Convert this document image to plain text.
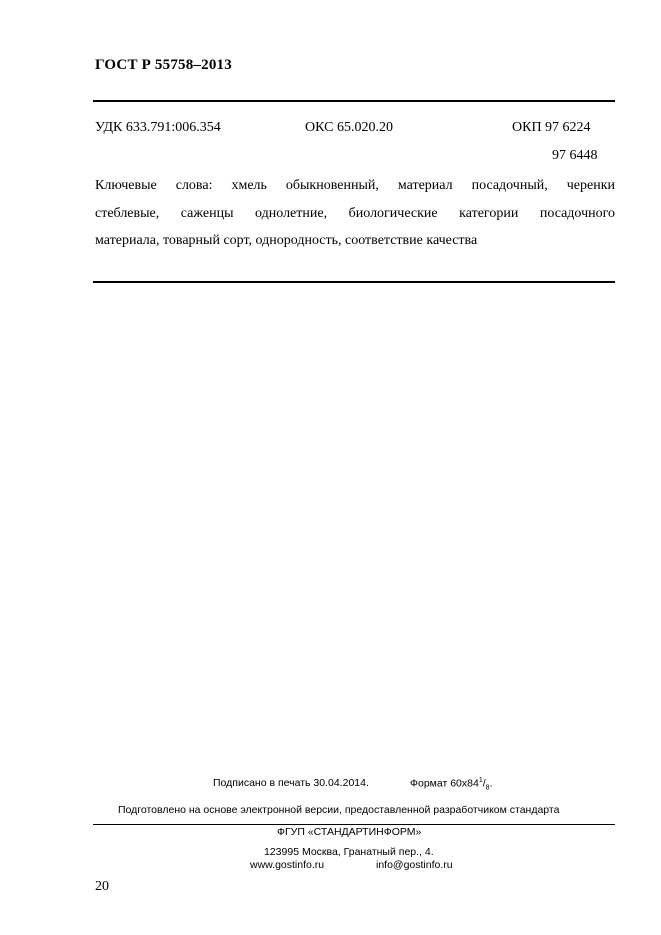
ГОСТ Р 55758–2013
УДК 633.791:006.354	ОКС 65.020.20	ОКП 97 6224
97 6448
Ключевые слова: хмель обыкновенный, материал посадочный, черенки
стеблевые, саженцы однолетние, биологические категории посадочного
материала, товарный сорт, однородность, соответствие качества
Подписано в печать 30.04.2014.	Формат $60x84^1/_8$.
Подготовлено на основе электронной версии, предоставленной разработчиком стандарта
ФГУП «СТАНДАРТИНФОРМ»
123995 Москва, Гранатный пер., 4.
www.gostinfo.ru	info@gostinfo.ru
20
